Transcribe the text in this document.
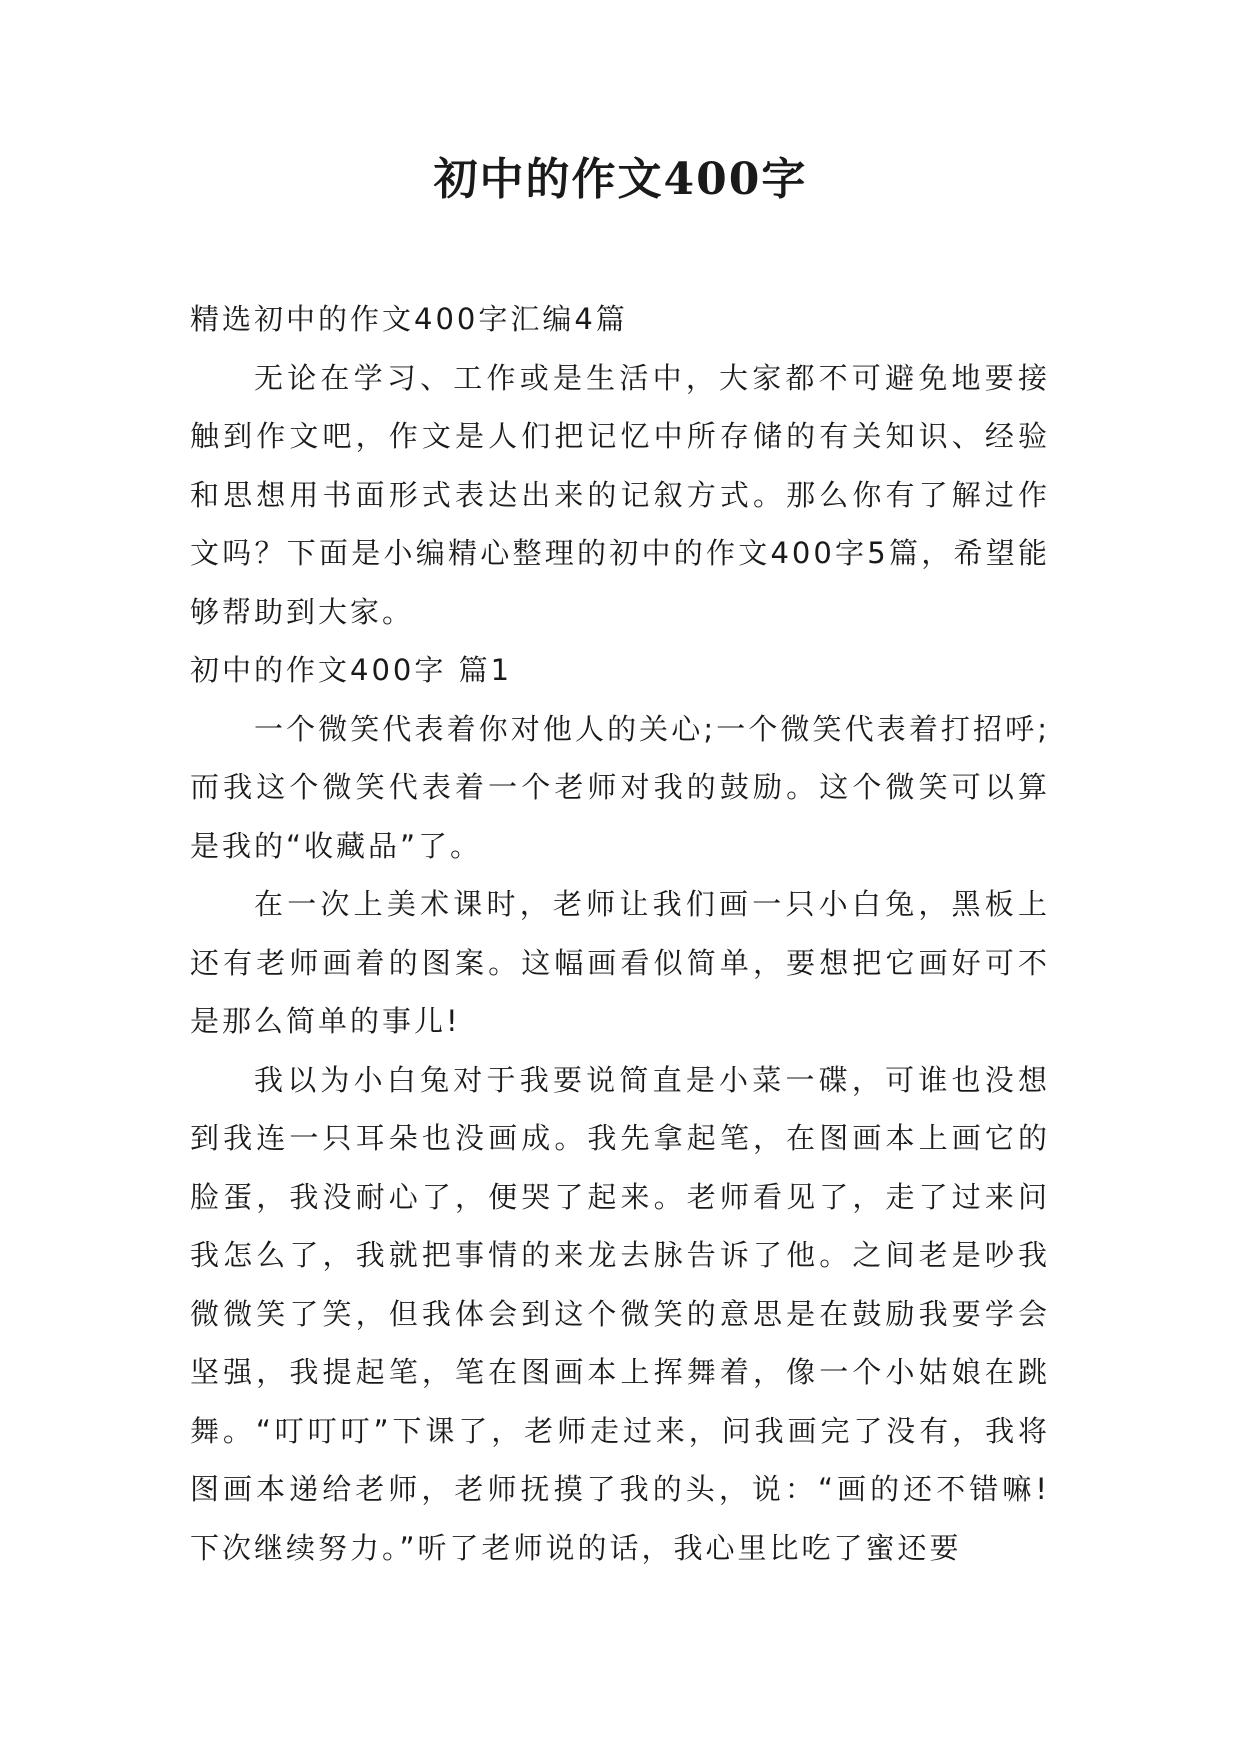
初中的作文400字

精选初中的作文400字汇编4篇

无论在学习、工作或是生活中，大家都不可避免地要接触到作文吧，作文是人们把记忆中所存储的有关知识、经验和思想用书面形式表达出来的记叙方式。那么你有了解过作文吗？下面是小编精心整理的初中的作文400字5篇，希望能够帮助到大家。

初中的作文400字 篇1

一个微笑代表着你对他人的关心;一个微笑代表着打招呼;而我这个微笑代表着一个老师对我的鼓励。这个微笑可以算是我的“收藏品”了。

在一次上美术课时，老师让我们画一只小白兔，黑板上还有老师画着的图案。这幅画看似简单，要想把它画好可不是那么简单的事儿!

我以为小白兔对于我要说简直是小菜一碟，可谁也没想到我连一只耳朵也没画成。我先拿起笔，在图画本上画它的脸蛋，我没耐心了，便哭了起来。老师看见了，走了过来问我怎么了，我就把事情的来龙去脉告诉了他。之间老是吵我微微笑了笑，但我体会到这个微笑的意思是在鼓励我要学会坚强，我提起笔，笔在图画本上挥舞着，像一个小姑娘在跳舞。“叮叮叮”下课了，老师走过来，问我画完了没有，我将图画本递给老师，老师抚摸了我的头，说：“画的还不错嘛!下次继续努力。”听了老师说的话，我心里比吃了蜜还要
